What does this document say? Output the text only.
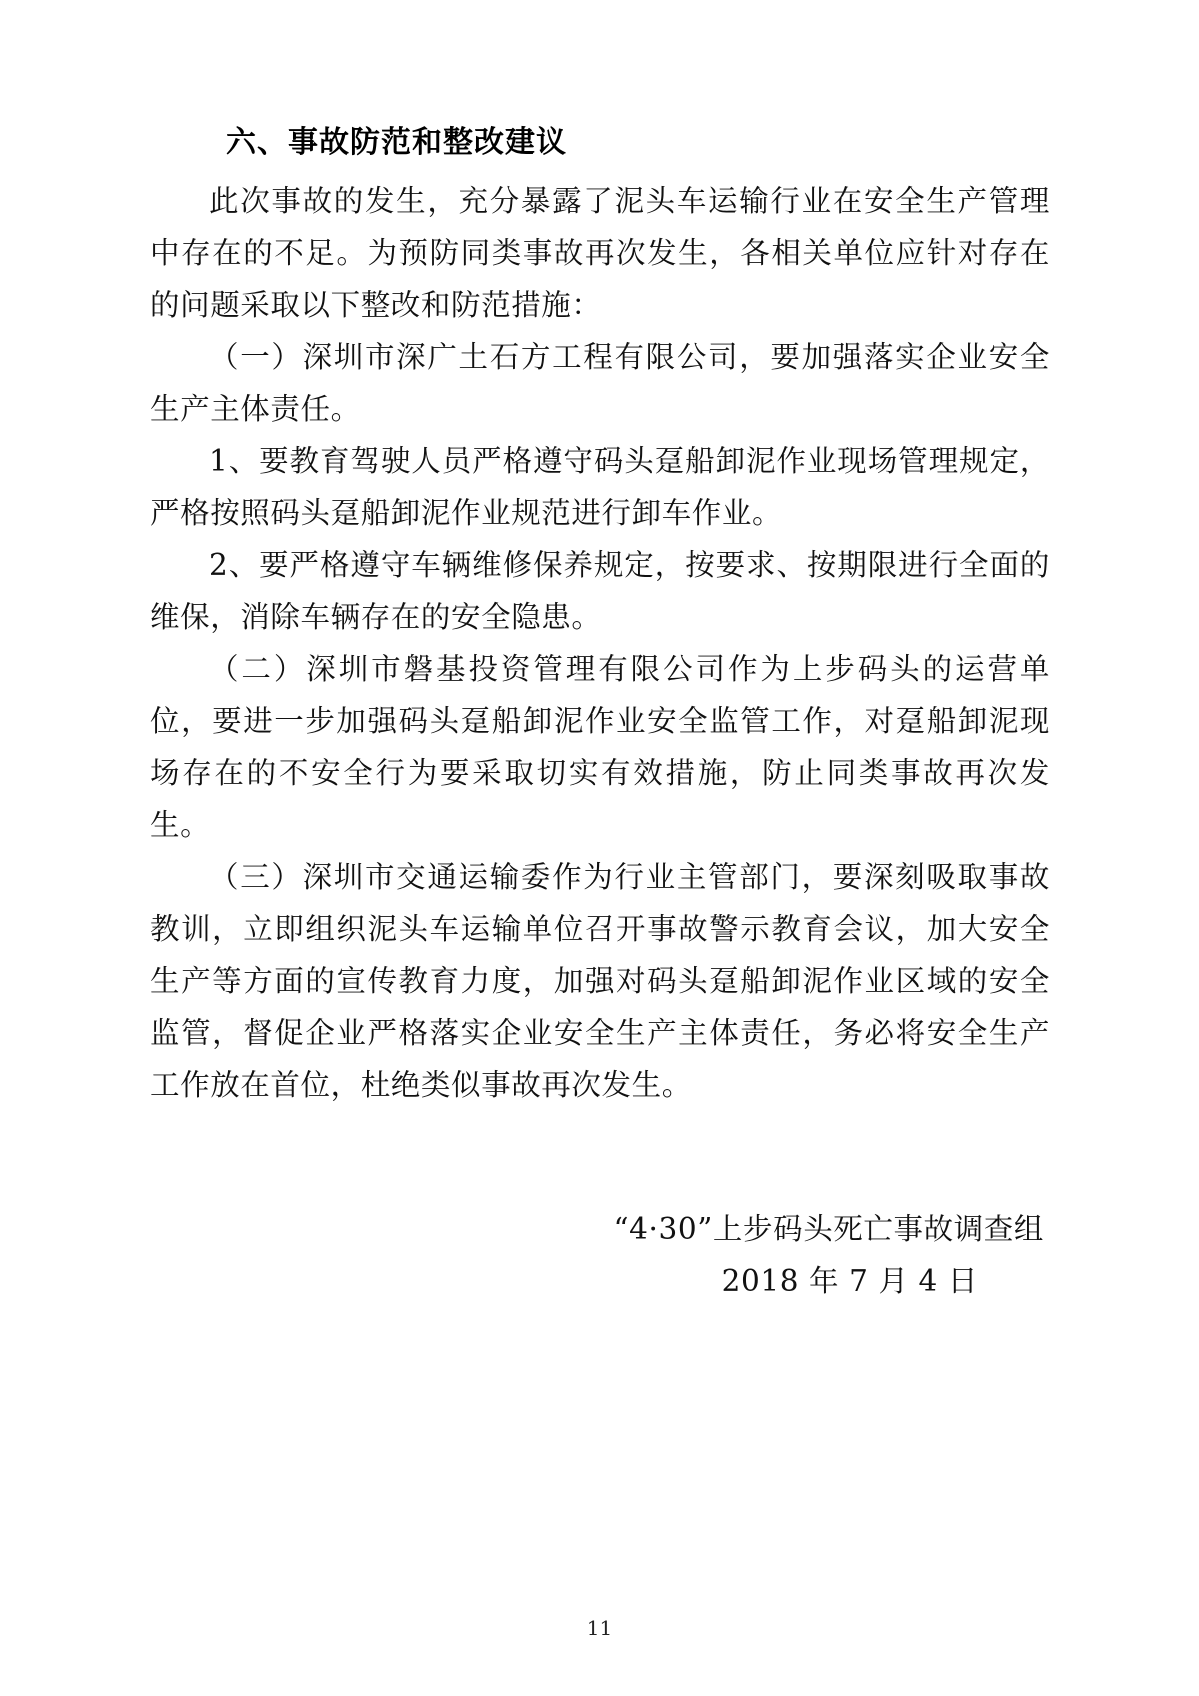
六、事故防范和整改建议

此次事故的发生，充分暴露了泥头车运输行业在安全生产管理中存在的不足。为预防同类事故再次发生，各相关单位应针对存在的问题采取以下整改和防范措施：

（一）深圳市深广土石方工程有限公司，要加强落实企业安全生产主体责任。

1、要教育驾驶人员严格遵守码头趸船卸泥作业现场管理规定，严格按照码头趸船卸泥作业规范进行卸车作业。

2、要严格遵守车辆维修保养规定，按要求、按期限进行全面的维保，消除车辆存在的安全隐患。

（二）深圳市磐基投资管理有限公司作为上步码头的运营单位，要进一步加强码头趸船卸泥作业安全监管工作，对趸船卸泥现场存在的不安全行为要采取切实有效措施，防止同类事故再次发生。

（三）深圳市交通运输委作为行业主管部门，要深刻吸取事故教训，立即组织泥头车运输单位召开事故警示教育会议，加大安全生产等方面的宣传教育力度，加强对码头趸船卸泥作业区域的安全监管，督促企业严格落实企业安全生产主体责任，务必将安全生产工作放在首位，杜绝类似事故再次发生。

“4·30”上步码头死亡事故调查组
2018 年 7 月 4 日
11
